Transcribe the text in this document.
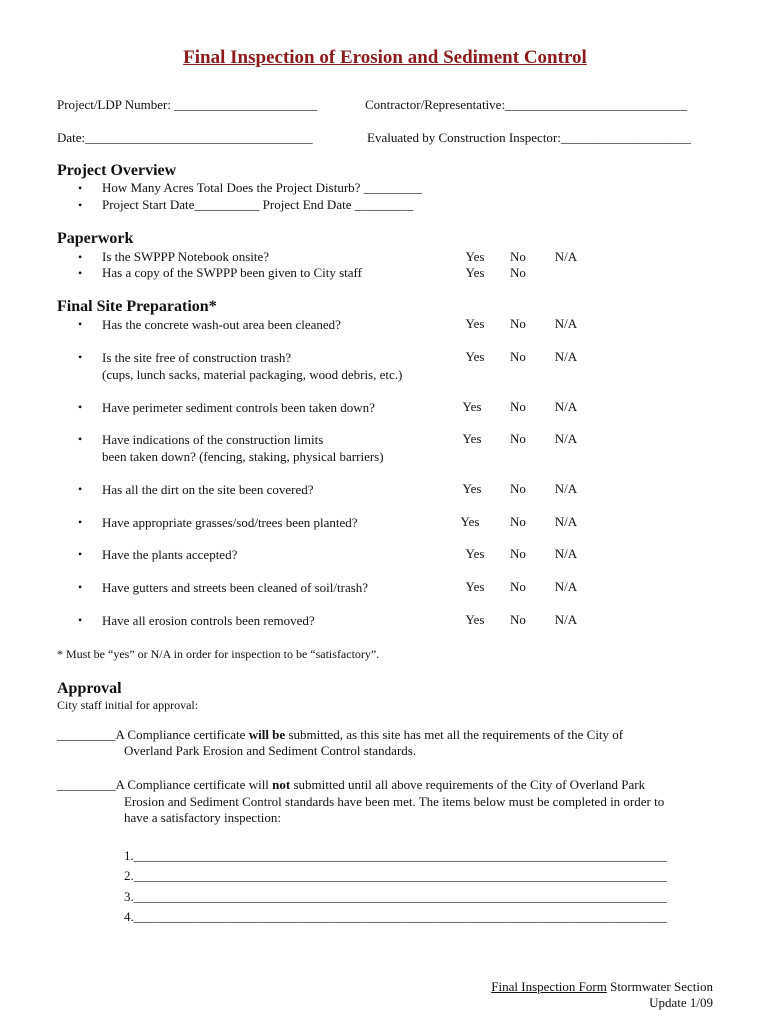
Final Inspection of Erosion and Sediment Control
Project/LDP Number: ______________________	Contractor/Representative:____________________________
Date:___________________________________	Evaluated by Construction Inspector:____________________
Project Overview
• How Many Acres Total Does the Project Disturb? _________
• Project Start Date__________ Project End Date _________
Paperwork
• Is the SWPPP Notebook onsite?	Yes	No	N/A
• Has a copy of the SWPPP been given to City staff	Yes	No
Final Site Preparation*
• Has the concrete wash-out area been cleaned?	Yes	No	N/A
• Is the site free of construction trash?
(cups, lunch sacks, material packaging, wood debris, etc.)
Yes	No	N/A
• Have perimeter sediment controls been taken down?	Yes	No	N/A
• Have indications of the construction limits
been taken down? (fencing, staking, physical barriers)
Yes	No	N/A
• Has all the dirt on the site been covered?	Yes	No	N/A
• Have appropriate grasses/sod/trees been planted?	Yes	No	N/A
• Have the plants accepted?	Yes	No	N/A
• Have gutters and streets been cleaned of soil/trash?	Yes	No	N/A
• Have all erosion controls been removed?	Yes	No	N/A
* Must be “yes” or N/A in order for inspection to be “satisfactory”.
Approval
City staff initial for approval:
_________A Compliance certificate will be submitted, as this site has met all the requirements of the City of
Overland Park Erosion and Sediment Control standards.
_________A Compliance certificate will not submitted until all above requirements of the City of Overland Park
Erosion and Sediment Control standards have been met. The items below must be completed in order to
have a satisfactory inspection:
1.__________________________________________________________________________________
2.__________________________________________________________________________________
3.__________________________________________________________________________________
4.__________________________________________________________________________________
Final Inspection Form Stormwater Section
Update 1/09
